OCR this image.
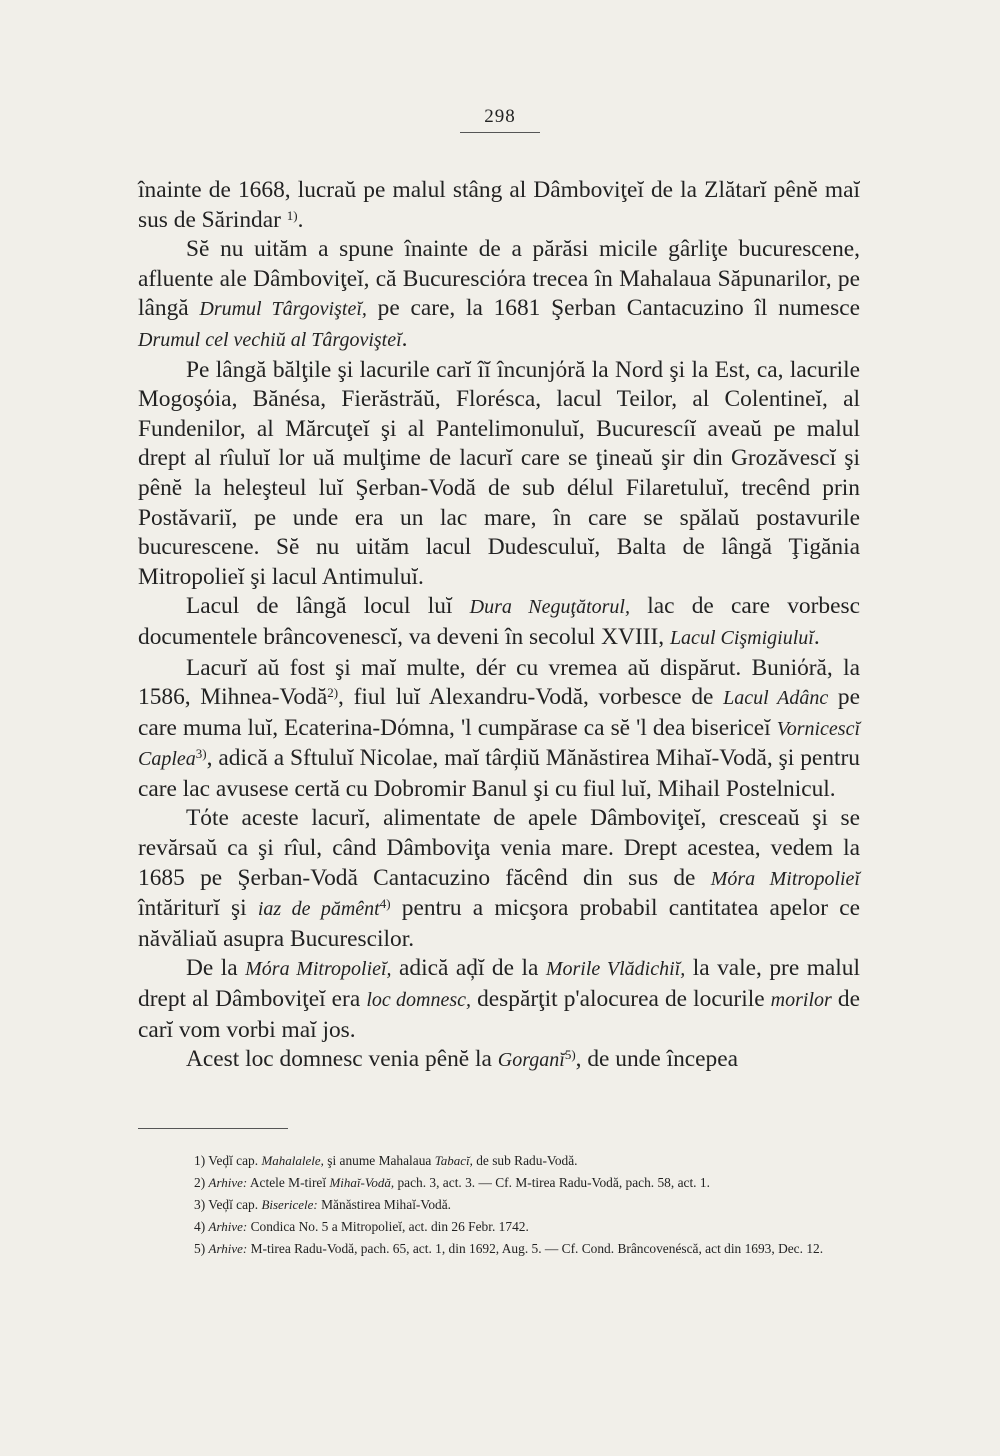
298

înainte de 1668, lucraŭ pe malul stâng al Dâmboviţeĭ de la Zlătarĭ pênĕ maĭ sus de Sărindar $^{1)}$.

Sĕ nu uităm a spune înainte de a părăsi micile gârliţe bucurescene, afluente ale Dâmboviţeĭ, că Bucuresciόra trecea în Mahalaua Săpunarilor, pe lângă Drumul Târgovişteĭ, pe care, la 1681 Şerban Cantacuzino îl numesce Drumul cel vechiŭ al Târgovişteĭ.

Pe lângă bălţile şi lacurile carĭ îĭ încunjόră la Nord şi la Est, ca, lacurile Mogoşόia, Bănésa, Fierăstrăŭ, Florésca, lacul Teilor, al Colentineĭ, al Fundenilor, al Mărcuţeĭ şi al Pantelimonuluĭ, Bucurescíĭ aveaŭ pe malul drept al rîuluĭ lor uă mulţime de lacurĭ care se ţineaŭ şir din Grozăvescĭ şi pênĕ la heleşteul luĭ Şerban-Vodă de sub délul Filaretuluĭ, trecênd prin Postăvariĭ, pe unde era un lac mare, în care se spălaŭ postavurile bucurescene. Sĕ nu uităm lacul Dudesculuĭ, Balta de lângă Ţigănia Mitropolieĭ şi lacul Antimuluĭ.

Lacul de lângă locul luĭ Dura Neguţătorul, lac de care vorbesc documentele brâncovenescĭ, va deveni în secolul XVIII, Lacul Cişmigiuluĭ.

Lacurĭ aŭ fost şi maĭ multe, dér cu vremea aŭ dispărut. Buniόră, la 1586, Mihnea-Vodă$^{2)}$, fiul luĭ Alexandru-Vodă, vorbesce de Lacul Adânc pe care muma luĭ, Ecaterina-Dόmna, 'l cumpărase ca sĕ 'l dea bisericeĭ Vornicescĭ Caplea$^{3)}$, adică a Sftuluĭ Nicolae, maĭ târḑiŭ Mănăstirea Mihaĭ-Vodă, şi pentru care lac avusese certă cu Dobromir Banul şi cu fiul luĭ, Mihail Postelnicul.

Tόte aceste lacurĭ, alimentate de apele Dâmboviţeĭ, cresceaŭ şi se revărsaŭ ca şi rîul, când Dâmboviţa venia mare. Drept acestea, vedem la 1685 pe Şerban-Vodă Cantacuzino făcênd din sus de Mόra Mitropolieĭ întăriturĭ şi iaz de pămênt$^{4)}$ pentru a micşora probabil cantitatea apelor ce năvăliaŭ asupra Bucurescilor.

De la Mόra Mitropolieĭ, adică aḑĭ de la Morile Vlădichiĭ, la vale, pre malul drept al Dâmboviţeĭ era loc domnesc, despărţit p'alocurea de locurile morilor de carĭ vom vorbi maĭ jos.

Acest loc domnesc venia pênĕ la Gorganĭ$^{5)}$, de unde începea

1) Veḑĭ cap. Mahalalele, şi anume Mahalaua Tabacĭ, de sub Radu-Vodă.

2) Arhive: Actele M-tireĭ Mihaĭ-Vodă, pach. 3, act. 3. — Cf. M-tirea Radu-Vodă, pach. 58, act. 1.

3) Veḑĭ cap. Bisericele: Mănăstirea Mihaĭ-Vodă.

4) Arhive: Condica No. 5 a Mitropolieĭ, act. din 26 Febr. 1742.

5) Arhive: M-tirea Radu-Vodă, pach. 65, act. 1, din 1692, Aug. 5. — Cf. Cond. Brâncovenéscă, act din 1693, Dec. 12.
